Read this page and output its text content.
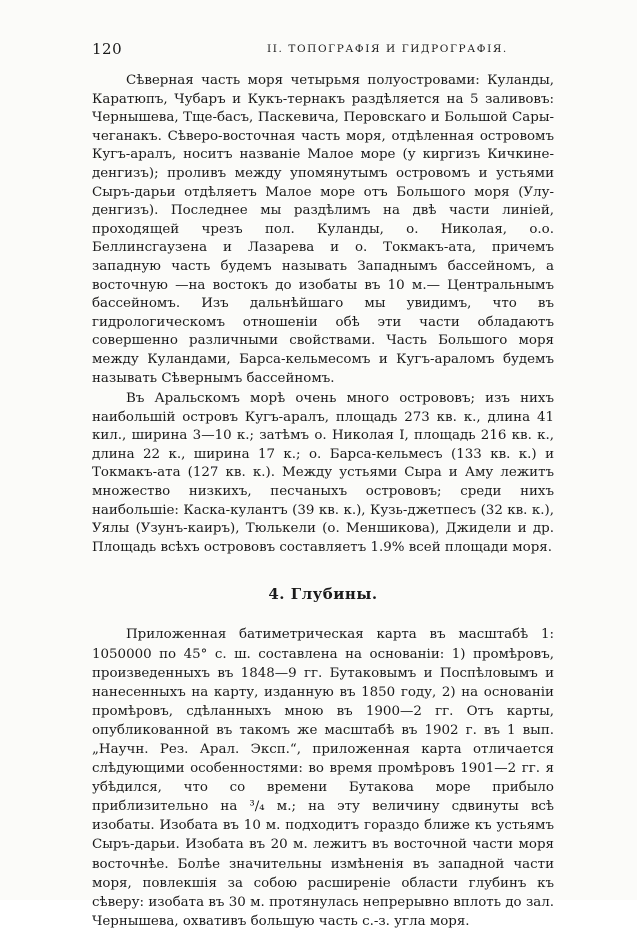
120	II. ТОПОГРАФІЯ И ГИДРОГРАФІЯ.

Сѣверная часть моря четырьмя полуостровами: Куланды, Каратюпъ, Чубаръ и Кукъ-тернакъ раздѣляется на 5 заливовъ: Чернышева, Тще-басъ, Паскевича, Перовскаго и Большой Сары-чеганакъ. Сѣверо-восточная часть моря, отдѣленная островомъ Кугъ-аралъ, носитъ названіе Малое море (у киргизъ Кичкине-денгизъ); проливъ между упомянутымъ островомъ и устьями Сыръ-дарьи отдѣляетъ Малое море отъ Большого моря (Улу-денгизъ). Последнее мы раздѣлимъ на двѣ части линіей, проходящей чрезъ пол. Куланды, о. Николая, о.о. Беллинсгаузена и Лазарева и о. Токмакъ-ата, причемъ западную часть будемъ называть Западнымъ бассейномъ, а восточную —на востокъ до изобаты въ 10 м.— Центральнымъ бассейномъ. Изъ дальнѣйшаго мы увидимъ, что въ гидрологическомъ отношеніи обѣ эти части обладаютъ совершенно различными свойствами. Часть Большого моря между Куландами, Барса-кельмесомъ и Кугъ-араломъ будемъ называть Сѣвернымъ бассейномъ.

Въ Аральскомъ морѣ очень много острововъ; изъ нихъ наибольшій островъ Кугъ-аралъ, площадь 273 кв. к., длина 41 кил., ширина 3—10 к.; затѣмъ о. Николая I, площадь 216 кв. к., длина 22 к., ширина 17 к.; о. Барса-кельмесъ (133 кв. к.) и Токмакъ-ата (127 кв. к.). Между устьями Сыра и Аму лежитъ множество низкихъ, песчаныхъ острововъ; среди нихъ наибольшіе: Каска-кулантъ (39 кв. к.), Кузь-джетпесъ (32 кв. к.), Уялы (Узунъ-каиръ), Тюлькели (о. Меншикова), Джидели и др. Площадь всѣхъ острововъ составляетъ 1.9% всей площади моря.

4. Глубины.

Приложенная батиметрическая карта въ масштабѣ 1: 1050000 по 45° с. ш. составлена на основаніи: 1) промѣровъ, произведенныхъ въ 1848—9 гг. Бутаковымъ и Поспѣловымъ и нанесенныхъ на карту, изданную въ 1850 году, 2) на основаніи промѣровъ, сдѣланныхъ мною въ 1900—2 гг. Отъ карты, опубликованной въ такомъ же масштабѣ въ 1902 г. въ 1 вып. „Научн. Рез. Арал. Эксп.“, приложенная карта отличается слѣдующими особенностями: во время промѣровъ 1901—2 гг. я убѣдился, что со времени Бутакова море прибыло приблизительно на ³/₄ м.; на эту величину сдвинуты всѣ изобаты. Изобата въ 10 м. подходитъ гораздо ближе къ устьямъ Сыръ-дарьи. Изобата въ 20 м. лежитъ въ восточной части моря восточнѣе. Болѣе значительны измѣненія въ западной части моря, повлекшія за собою расширеніе области глубинъ къ сѣверу: изобата въ 30 м. протянулась непрерывно вплоть до зал. Чернышева, охвативъ большую часть с.-з. угла моря.
